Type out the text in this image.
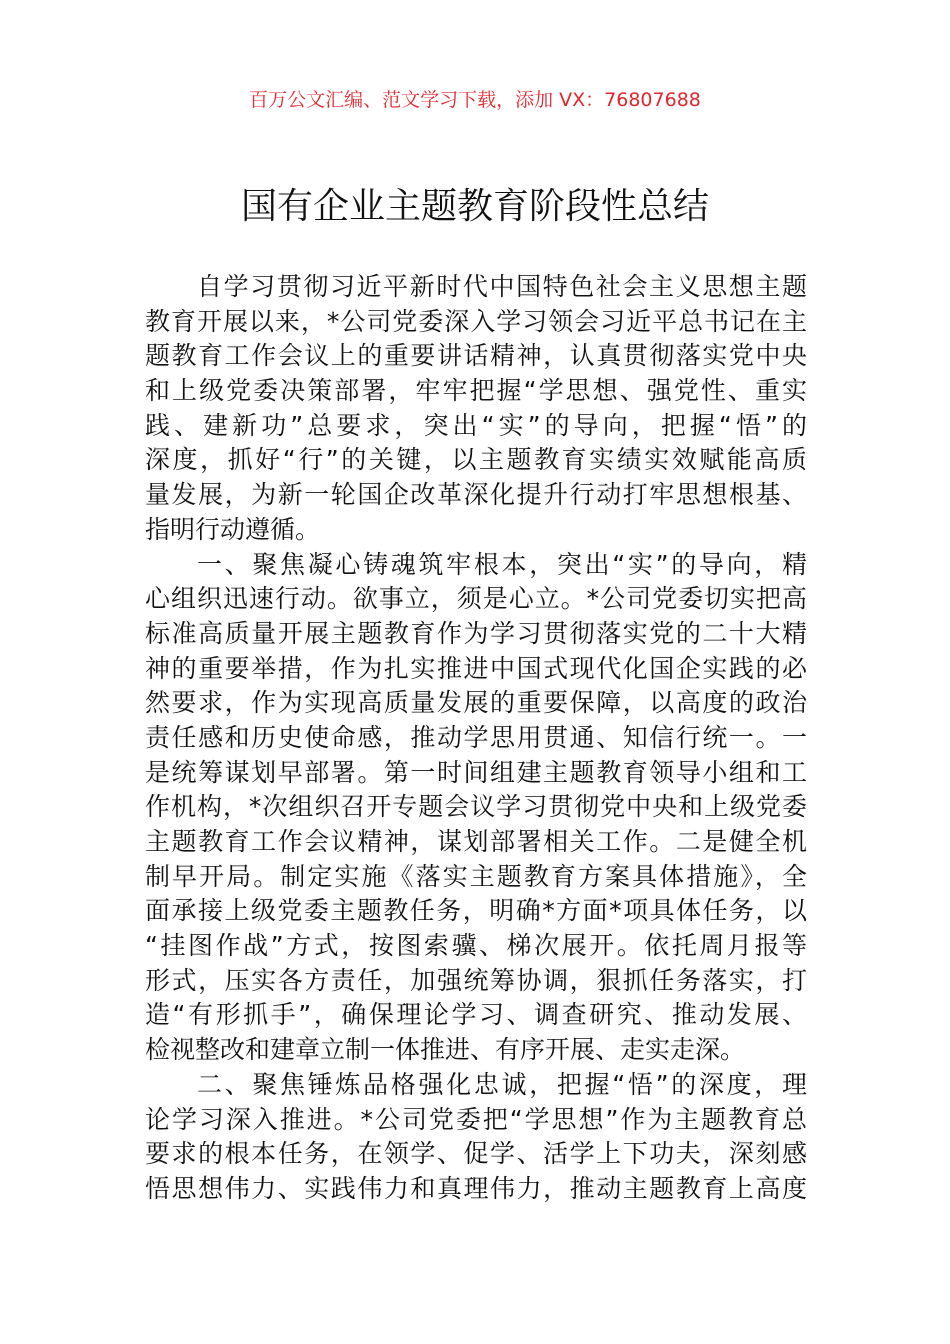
百万公文汇编、范文学习下载，添加 VX：76807688
国有企业主题教育阶段性总结
自学习贯彻习近平新时代中国特色社会主义思想主题
教育开展以来，*公司党委深入学习领会习近平总书记在主
题教育工作会议上的重要讲话精神，认真贯彻落实党中央
和上级党委决策部署，牢牢把握“学思想、强党性、重实
践、建新功”总要求，突出“实”的导向，把握“悟”的
深度，抓好“行”的关键，以主题教育实绩实效赋能高质
量发展，为新一轮国企改革深化提升行动打牢思想根基、
指明行动遵循。
一、聚焦凝心铸魂筑牢根本，突出“实”的导向，精
心组织迅速行动。欲事立，须是心立。*公司党委切实把高
标准高质量开展主题教育作为学习贯彻落实党的二十大精
神的重要举措，作为扎实推进中国式现代化国企实践的必
然要求，作为实现高质量发展的重要保障，以高度的政治
责任感和历史使命感，推动学思用贯通、知信行统一。一
是统筹谋划早部署。第一时间组建主题教育领导小组和工
作机构，*次组织召开专题会议学习贯彻党中央和上级党委
主题教育工作会议精神，谋划部署相关工作。二是健全机
制早开局。制定实施《落实主题教育方案具体措施》，全
面承接上级党委主题教任务，明确*方面*项具体任务，以
“挂图作战”方式，按图索骥、梯次展开。依托周月报等
形式，压实各方责任，加强统筹协调，狠抓任务落实，打
造“有形抓手”，确保理论学习、调查研究、推动发展、
检视整改和建章立制一体推进、有序开展、走实走深。
二、聚焦锤炼品格强化忠诚，把握“悟”的深度，理
论学习深入推进。*公司党委把“学思想”作为主题教育总
要求的根本任务，在领学、促学、活学上下功夫，深刻感
悟思想伟力、实践伟力和真理伟力，推动主题教育上高度
